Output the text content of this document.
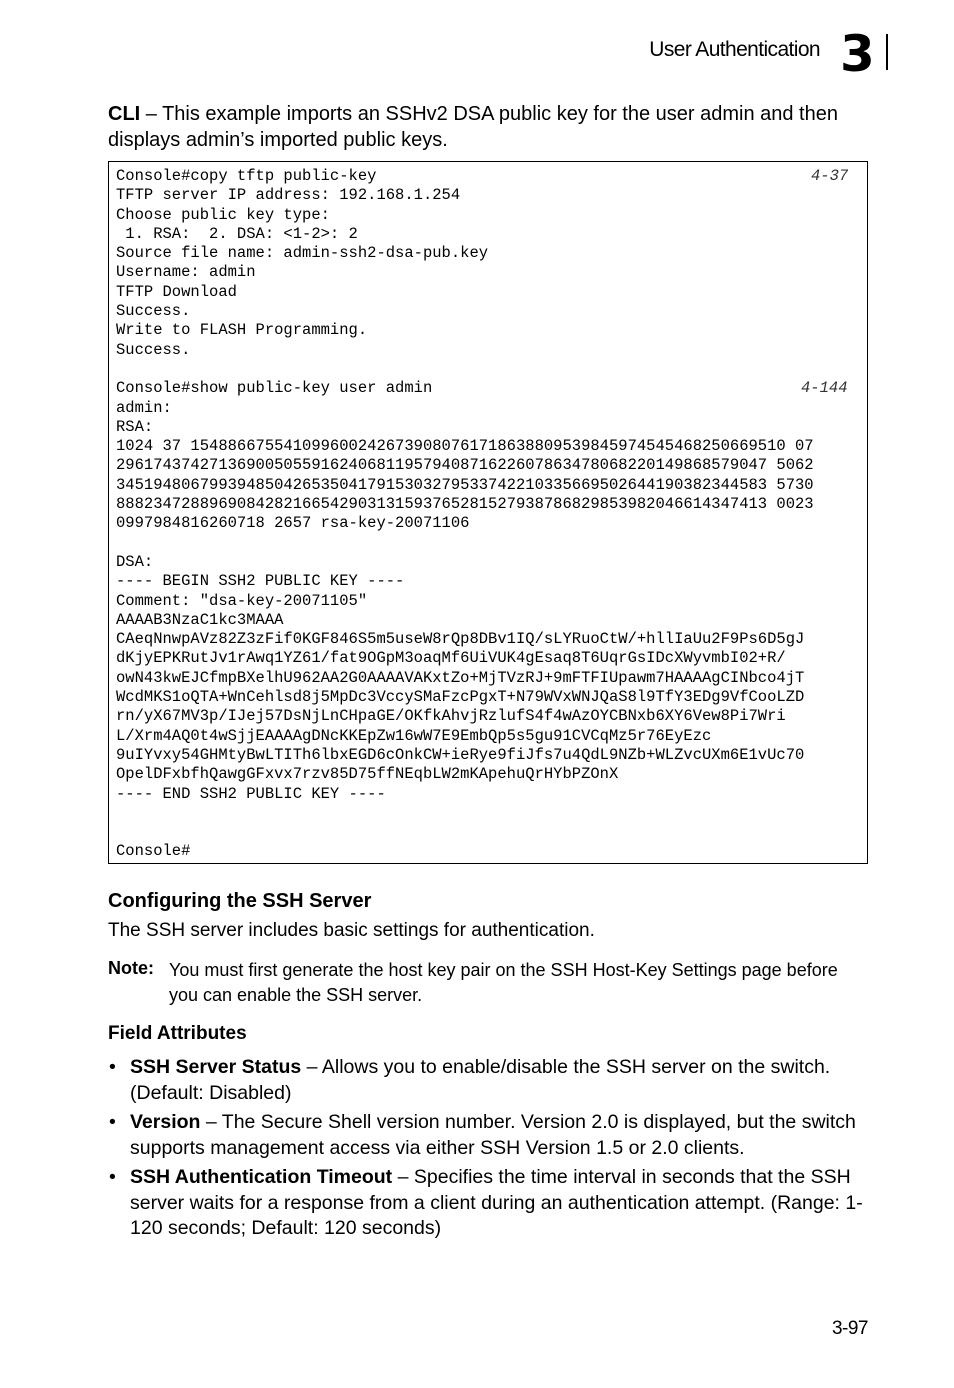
User Authentication 3
CLI – This example imports an SSHv2 DSA public key for the user admin and then displays admin’s imported public keys.
Console#copy tftp public-key	4-37
TFTP server IP address: 192.168.1.254
Choose public key type:
1. RSA:  2. DSA: <1-2>: 2
Source file name: admin-ssh2-dsa-pub.key
Username: admin
TFTP Download
Success.
Write to FLASH Programming.
Success.
Console#show public-key user admin	4-144
admin:
RSA:
1024 37 1548866755410996002426739080761718638809539845974545468250669510 07
2961743742713690050559162406811957940871622607863478068220149868579047 5062
3451948067993948504265350417915303279533742210335669502644190382344583 5730
8882347288969084282166542903131593765281527938786829853982046614347413 0023
0997984816260718 2657 rsa-key-20071106
DSA:
---- BEGIN SSH2 PUBLIC KEY ----
Comment: "dsa-key-20071105"
AAAAB3NzaC1kc3MAAA
CAeqNnwpAVz82Z3zFif0KGF846S5m5useW8rQp8DBv1IQ/sLYRuoCtW/+hllIaUu2F9Ps6D5gJ
dKjyEPKRutJv1rAwq1YZ61/fat9OGpM3oaqMf6UiVUK4gEsaq8T6UqrGsIDcXWyvmbI02+R/
owN43kwEJCfmpBXelhU962AA2G0AAAAVAKxtZo+MjTVzRJ+9mFTFIUpawm7HAAAAgCINbco4jT
WcdMKS1oQTA+WnCehlsd8j5MpDc3VccySMaFzcPgxT+N79WVxWNJQaS8l9TfY3EDg9VfCooLZD
rn/yX67MV3p/IJej57DsNjLnCHpaGE/OKfkAhvjRzlufS4f4wAzOYCBNxb6XY6Vew8Pi7Wri
L/Xrm4AQ0t4wSjjEAAAAgDNcKKEpZw16wW7E9EmbQp5s5gu91CVCqMz5r76EyEzc
9uIYvxy54GHMtyBwLTITh6lbxEGD6cOnkCW+ieRye9fiJfs7u4QdL9NZb+WLZvcUXm6E1vUc70
OpelDFxbfhQawgGFxvx7rzv85D75ffNEqbLW2mKApehuQrHYbPZOnX
---- END SSH2 PUBLIC KEY ----
Console#
Configuring the SSH Server
The SSH server includes basic settings for authentication.
Note: You must first generate the host key pair on the SSH Host-Key Settings page before you can enable the SSH server.
Field Attributes
• SSH Server Status – Allows you to enable/disable the SSH server on the switch. (Default: Disabled)
• Version – The Secure Shell version number. Version 2.0 is displayed, but the switch supports management access via either SSH Version 1.5 or 2.0 clients.
• SSH Authentication Timeout – Specifies the time interval in seconds that the SSH server waits for a response from a client during an authentication attempt. (Range: 1-120 seconds; Default: 120 seconds)
3-97
